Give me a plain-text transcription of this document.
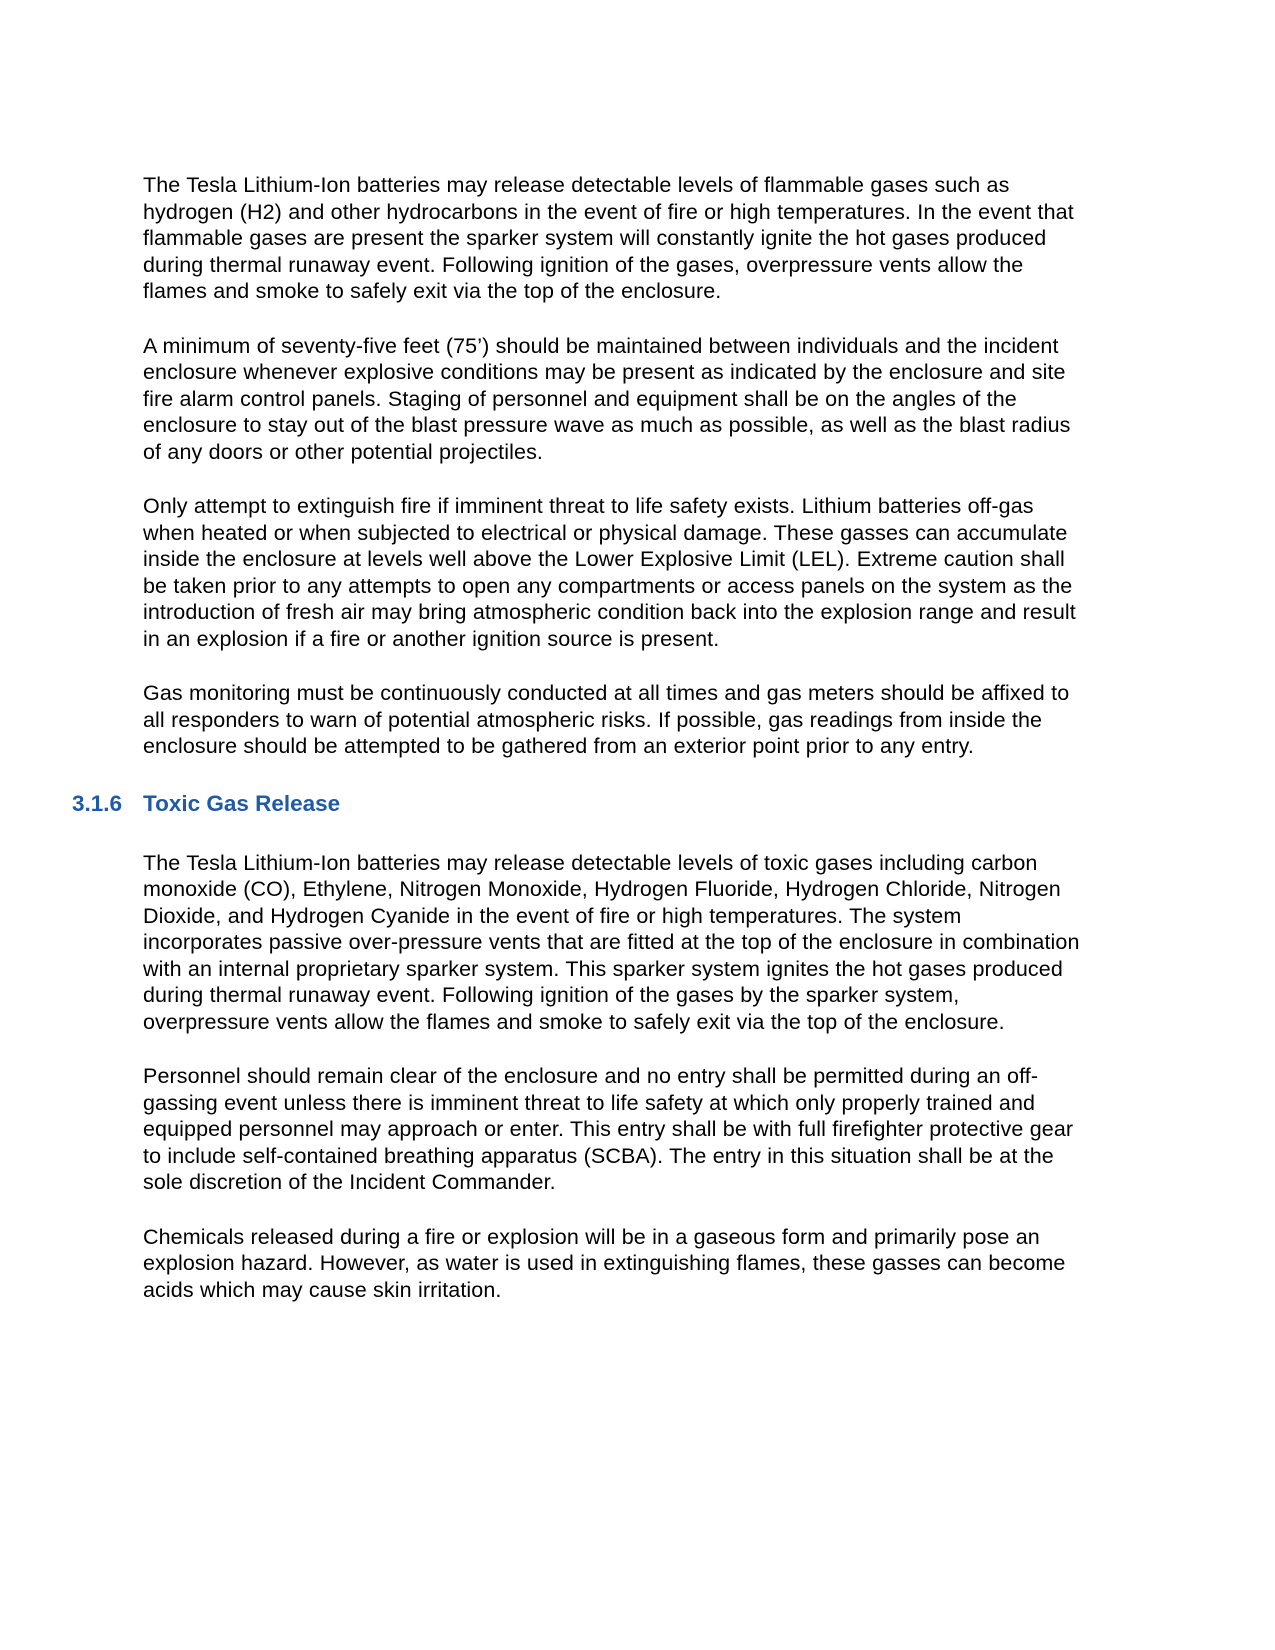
The Tesla Lithium-Ion batteries may release detectable levels of flammable gases such as hydrogen (H2) and other hydrocarbons in the event of fire or high temperatures. In the event that flammable gases are present the sparker system will constantly ignite the hot gases produced during thermal runaway event. Following ignition of the gases, overpressure vents allow the flames and smoke to safely exit via the top of the enclosure.

A minimum of seventy-five feet (75’) should be maintained between individuals and the incident enclosure whenever explosive conditions may be present as indicated by the enclosure and site fire alarm control panels. Staging of personnel and equipment shall be on the angles of the enclosure to stay out of the blast pressure wave as much as possible, as well as the blast radius of any doors or other potential projectiles.

Only attempt to extinguish fire if imminent threat to life safety exists. Lithium batteries off-gas when heated or when subjected to electrical or physical damage. These gasses can accumulate inside the enclosure at levels well above the Lower Explosive Limit (LEL). Extreme caution shall be taken prior to any attempts to open any compartments or access panels on the system as the introduction of fresh air may bring atmospheric condition back into the explosion range and result in an explosion if a fire or another ignition source is present.

Gas monitoring must be continuously conducted at all times and gas meters should be affixed to all responders to warn of potential atmospheric risks. If possible, gas readings from inside the enclosure should be attempted to be gathered from an exterior point prior to any entry.

3.1.6 Toxic Gas Release

The Tesla Lithium-Ion batteries may release detectable levels of toxic gases including carbon monoxide (CO), Ethylene, Nitrogen Monoxide, Hydrogen Fluoride, Hydrogen Chloride, Nitrogen Dioxide, and Hydrogen Cyanide in the event of fire or high temperatures. The system incorporates passive over-pressure vents that are fitted at the top of the enclosure in combination with an internal proprietary sparker system. This sparker system ignites the hot gases produced during thermal runaway event. Following ignition of the gases by the sparker system, overpressure vents allow the flames and smoke to safely exit via the top of the enclosure.

Personnel should remain clear of the enclosure and no entry shall be permitted during an off-gassing event unless there is imminent threat to life safety at which only properly trained and equipped personnel may approach or enter. This entry shall be with full firefighter protective gear to include self-contained breathing apparatus (SCBA). The entry in this situation shall be at the sole discretion of the Incident Commander.

Chemicals released during a fire or explosion will be in a gaseous form and primarily pose an explosion hazard. However, as water is used in extinguishing flames, these gasses can become acids which may cause skin irritation.
